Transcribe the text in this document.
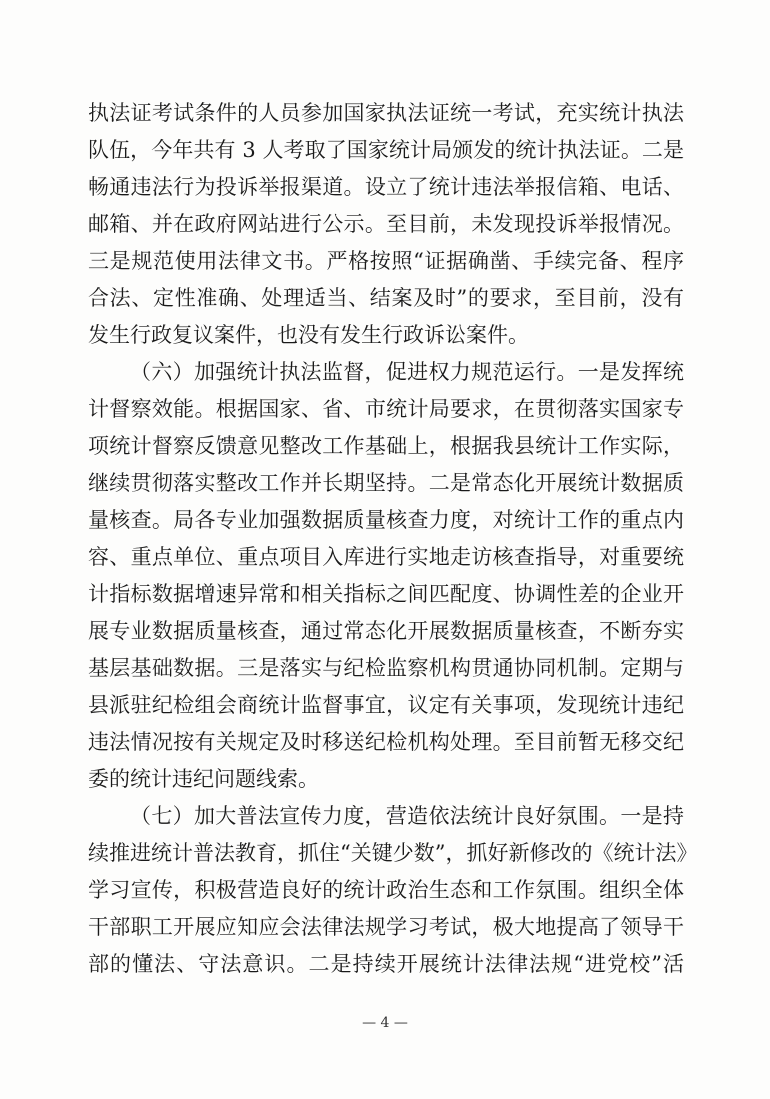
执法证考试条件的人员参加国家执法证统一考试，充实统计执法
队伍，今年共有 3 人考取了国家统计局颁发的统计执法证。二是
畅通违法行为投诉举报渠道。设立了统计违法举报信箱、电话、
邮箱、并在政府网站进行公示。至目前，未发现投诉举报情况。
三是规范使用法律文书。严格按照“证据确凿、手续完备、程序
合法、定性准确、处理适当、结案及时”的要求，至目前，没有
发生行政复议案件，也没有发生行政诉讼案件。
（六）加强统计执法监督，促进权力规范运行。一是发挥统
计督察效能。根据国家、省、市统计局要求，在贯彻落实国家专
项统计督察反馈意见整改工作基础上，根据我县统计工作实际，
继续贯彻落实整改工作并长期坚持。二是常态化开展统计数据质
量核查。局各专业加强数据质量核查力度，对统计工作的重点内
容、重点单位、重点项目入库进行实地走访核查指导，对重要统
计指标数据增速异常和相关指标之间匹配度、协调性差的企业开
展专业数据质量核查，通过常态化开展数据质量核查，不断夯实
基层基础数据。三是落实与纪检监察机构贯通协同机制。定期与
县派驻纪检组会商统计监督事宜，议定有关事项，发现统计违纪
违法情况按有关规定及时移送纪检机构处理。至目前暂无移交纪
委的统计违纪问题线索。
（七）加大普法宣传力度，营造依法统计良好氛围。一是持
续推进统计普法教育，抓住“关键少数”，抓好新修改的《统计法》
学习宣传，积极营造良好的统计政治生态和工作氛围。组织全体
干部职工开展应知应会法律法规学习考试，极大地提高了领导干
部的懂法、守法意识。二是持续开展统计法律法规“进党校”活
— 4 —
